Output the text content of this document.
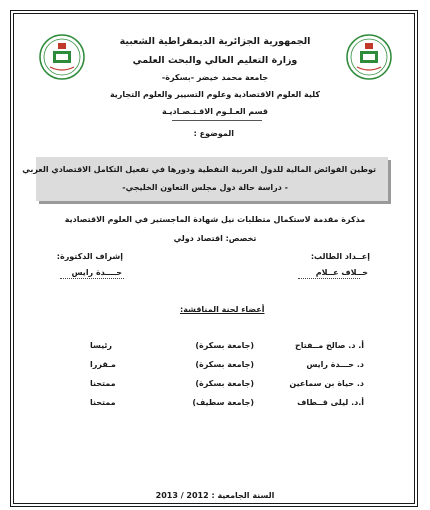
الجمهورية الجزائرية الديمقراطية الشعبية
وزارة التعليم العالي والبحث العلمي
جامعة محمد خيضر -بسكرة-
كلية العلوم الاقتصادية وعلوم التسيير والعلوم التجارية
قسم العـلـوم الاقـتـصـاديـة
الموضوع :
توطين الفوائض المالية للدول العربية النفطية ودورها في تفعيل التكامل الاقتصادي العربي
- دراسة حالة دول مجلس التعاون الخليجي-
مذكرة مقدمة لاستكمال متطلبات نيل شهادة الماجستير في العلوم الاقتصادية
تخصص: اقتصاد دولي
إعــداد الطالب:
خــلاف عــلام
إشراف الدكتورة:
حــــدة رايس
أعضاء لجنة المناقشة:
أ. د. صالح مــفتاح
(جامعة بسكرة)
رئيسا
د. حـــدة رايس
(جامعة بسكرة)
مـقررا
د. حياة بن سماعين
(جامعة بسكرة)
ممتحنا
أ.د. ليلى قــطاف
(جامعة سطيف)
ممتحنا
السنة الجامعية : 2012 / 2013
